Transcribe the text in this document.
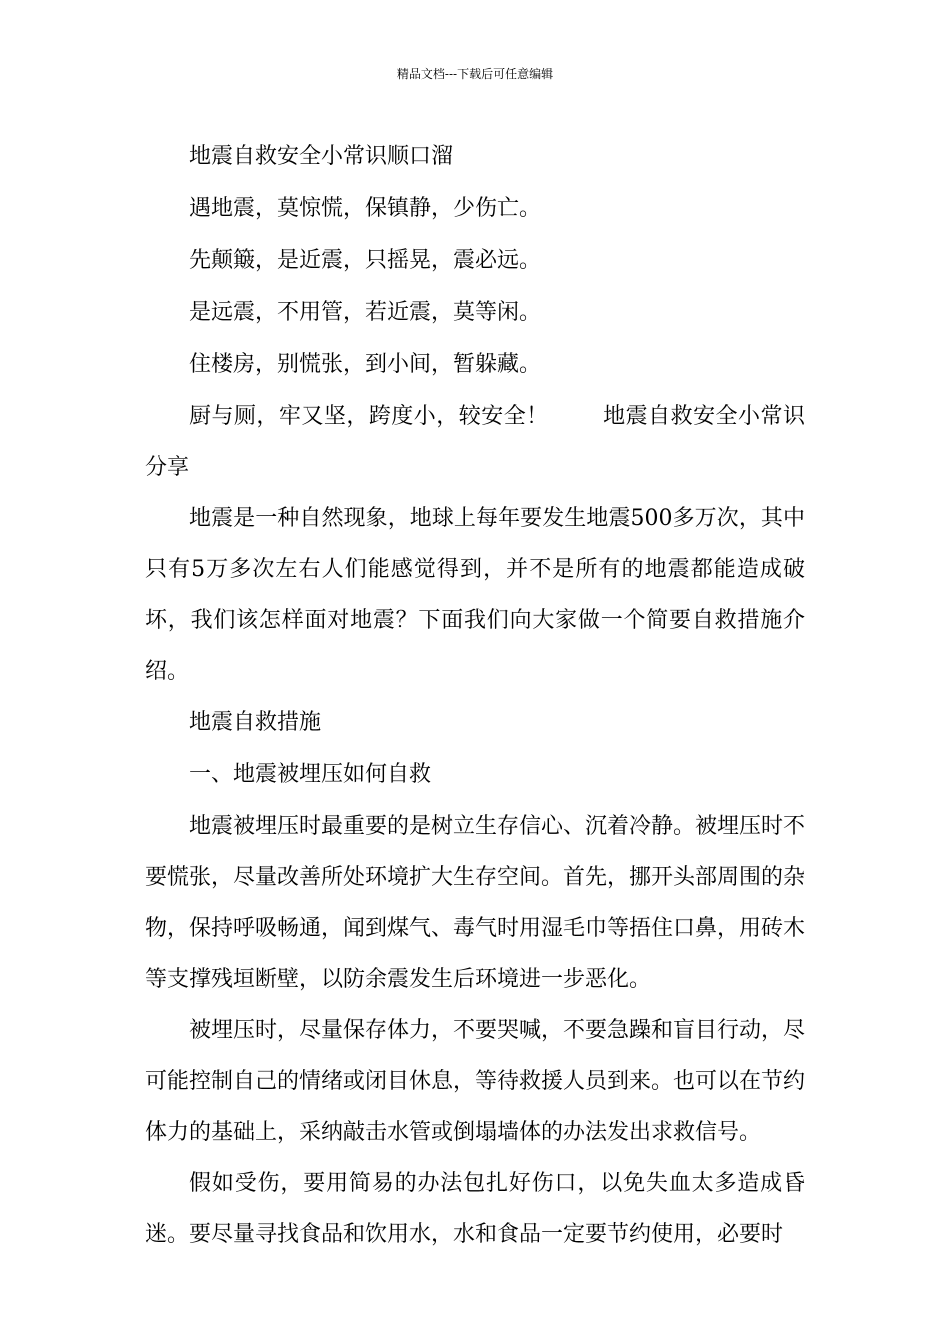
精品文档---下载后可任意编辑
地震自救安全小常识顺口溜
遇地震，莫惊慌，保镇静，少伤亡。
先颠簸，是近震，只摇晃，震必远。
是远震，不用管，若近震，莫等闲。
住楼房，别慌张，到小间，暂躲藏。
厨与厕，牢又坚，跨度小，较安全！ 地震自救安全小常识分享
地震是一种自然现象，地球上每年要发生地震500多万次，其中只有5万多次左右人们能感觉得到，并不是所有的地震都能造成破坏，我们该怎样面对地震？下面我们向大家做一个简要自救措施介绍。
地震自救措施
一、地震被埋压如何自救
地震被埋压时最重要的是树立生存信心、沉着冷静。被埋压时不要慌张，尽量改善所处环境扩大生存空间。首先，挪开头部周围的杂物，保持呼吸畅通，闻到煤气、毒气时用湿毛巾等捂住口鼻，用砖木等支撑残垣断壁，以防余震发生后环境进一步恶化。
被埋压时，尽量保存体力，不要哭喊，不要急躁和盲目行动，尽可能控制自己的情绪或闭目休息，等待救援人员到来。也可以在节约体力的基础上，采纳敲击水管或倒塌墙体的办法发出求救信号。
假如受伤，要用简易的办法包扎好伤口，以免失血太多造成昏迷。要尽量寻找食品和饮用水，水和食品一定要节约使用，必要时
